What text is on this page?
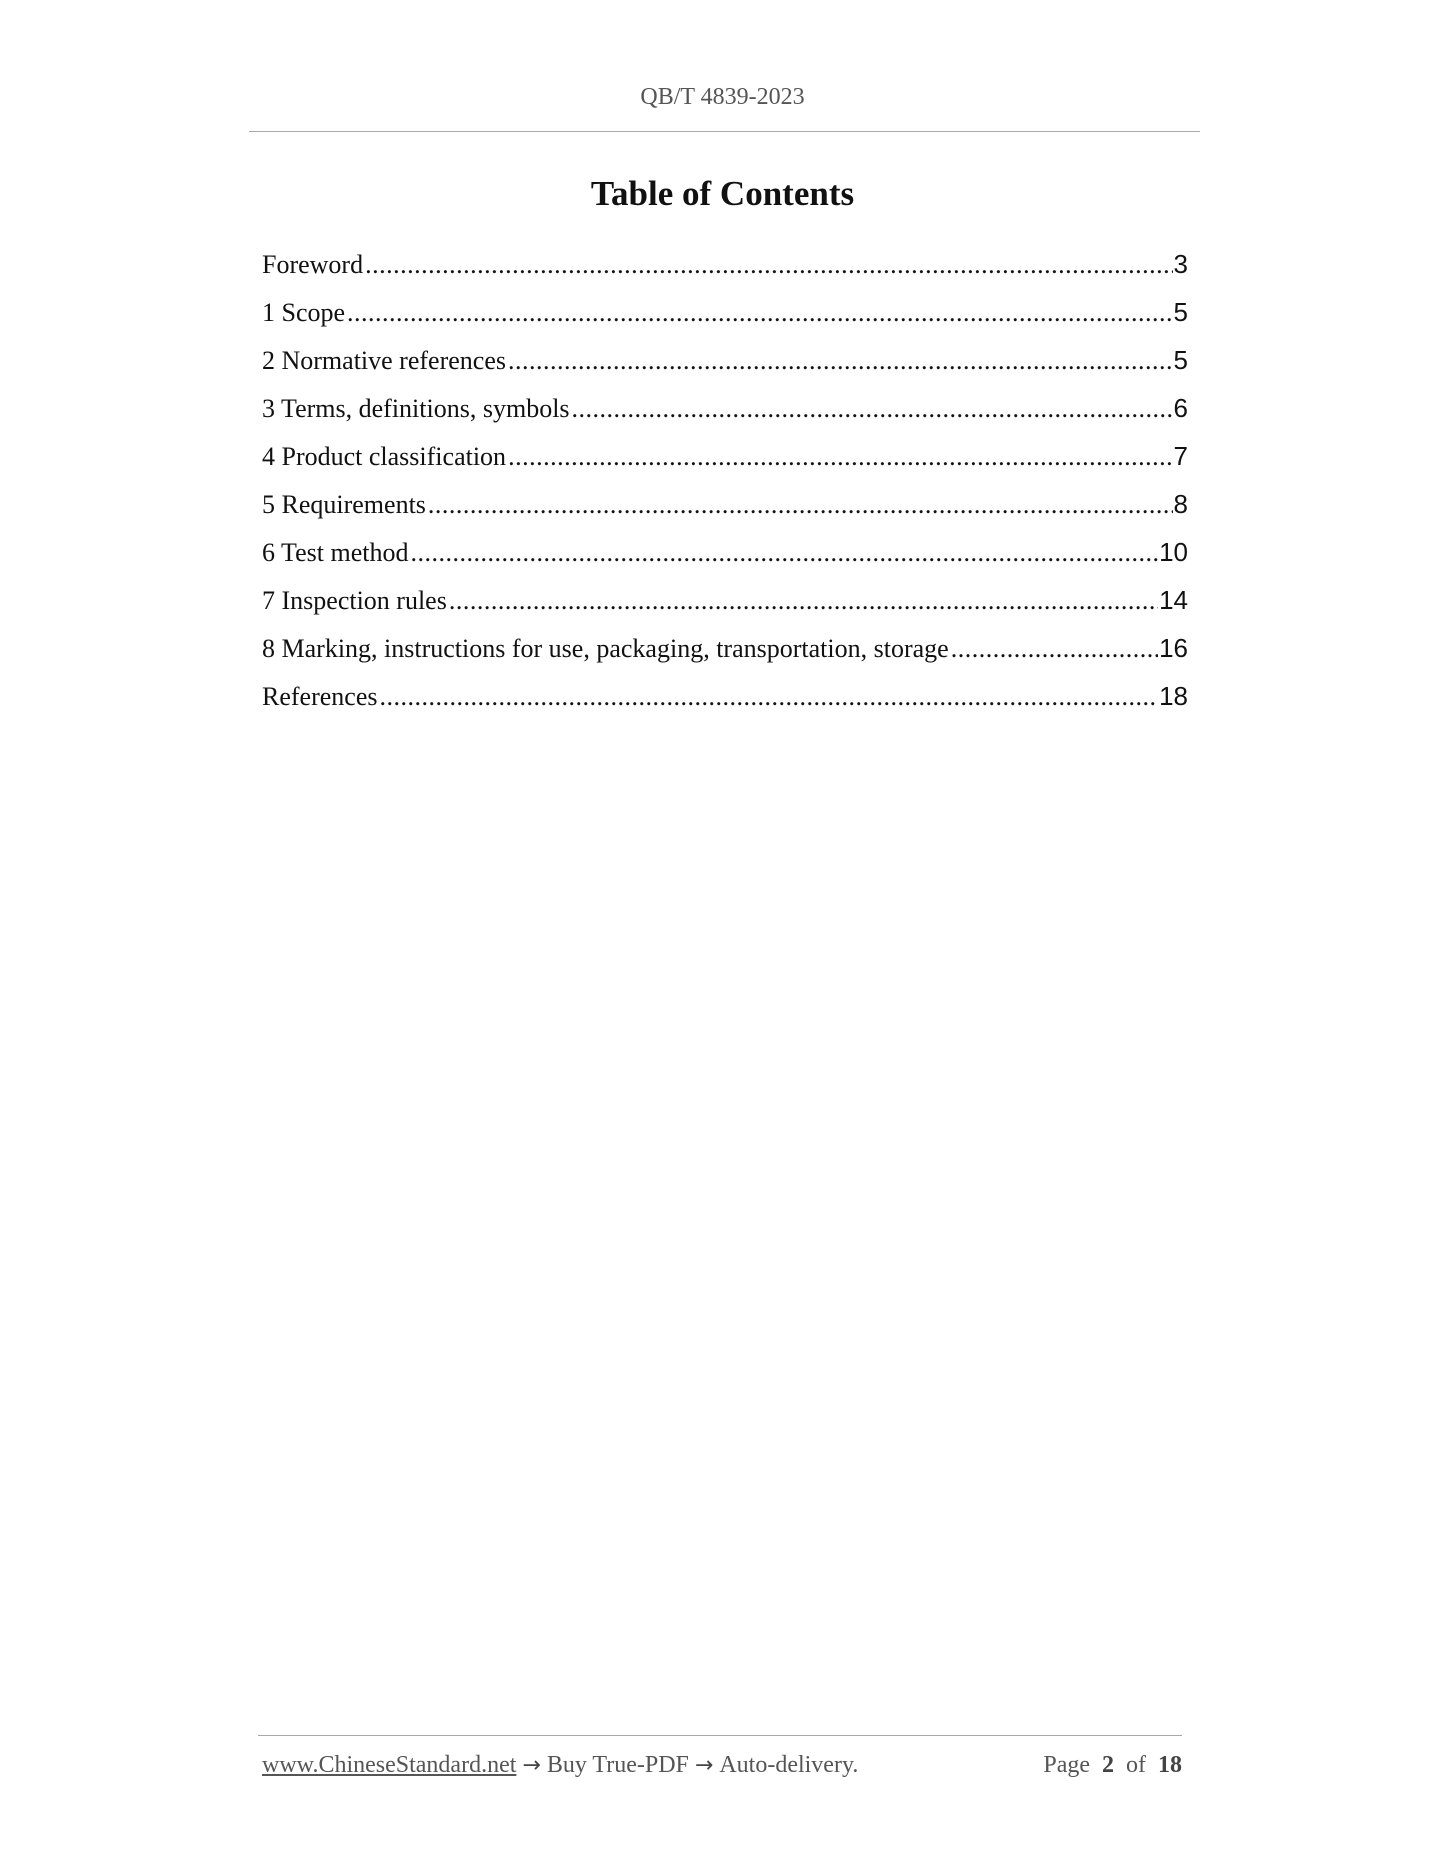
QB/T 4839-2023
Table of Contents
Foreword .....	3
1 Scope .....	5
2 Normative references .....	5
3 Terms, definitions, symbols .....	6
4 Product classification .....	7
5 Requirements .....	8
6 Test method .....	10
7 Inspection rules .....	14
8 Marking, instructions for use, packaging, transportation, storage .....	16
References .....	18
www.ChineseStandard.net → Buy True-PDF → Auto-delivery.	Page 2 of 18
